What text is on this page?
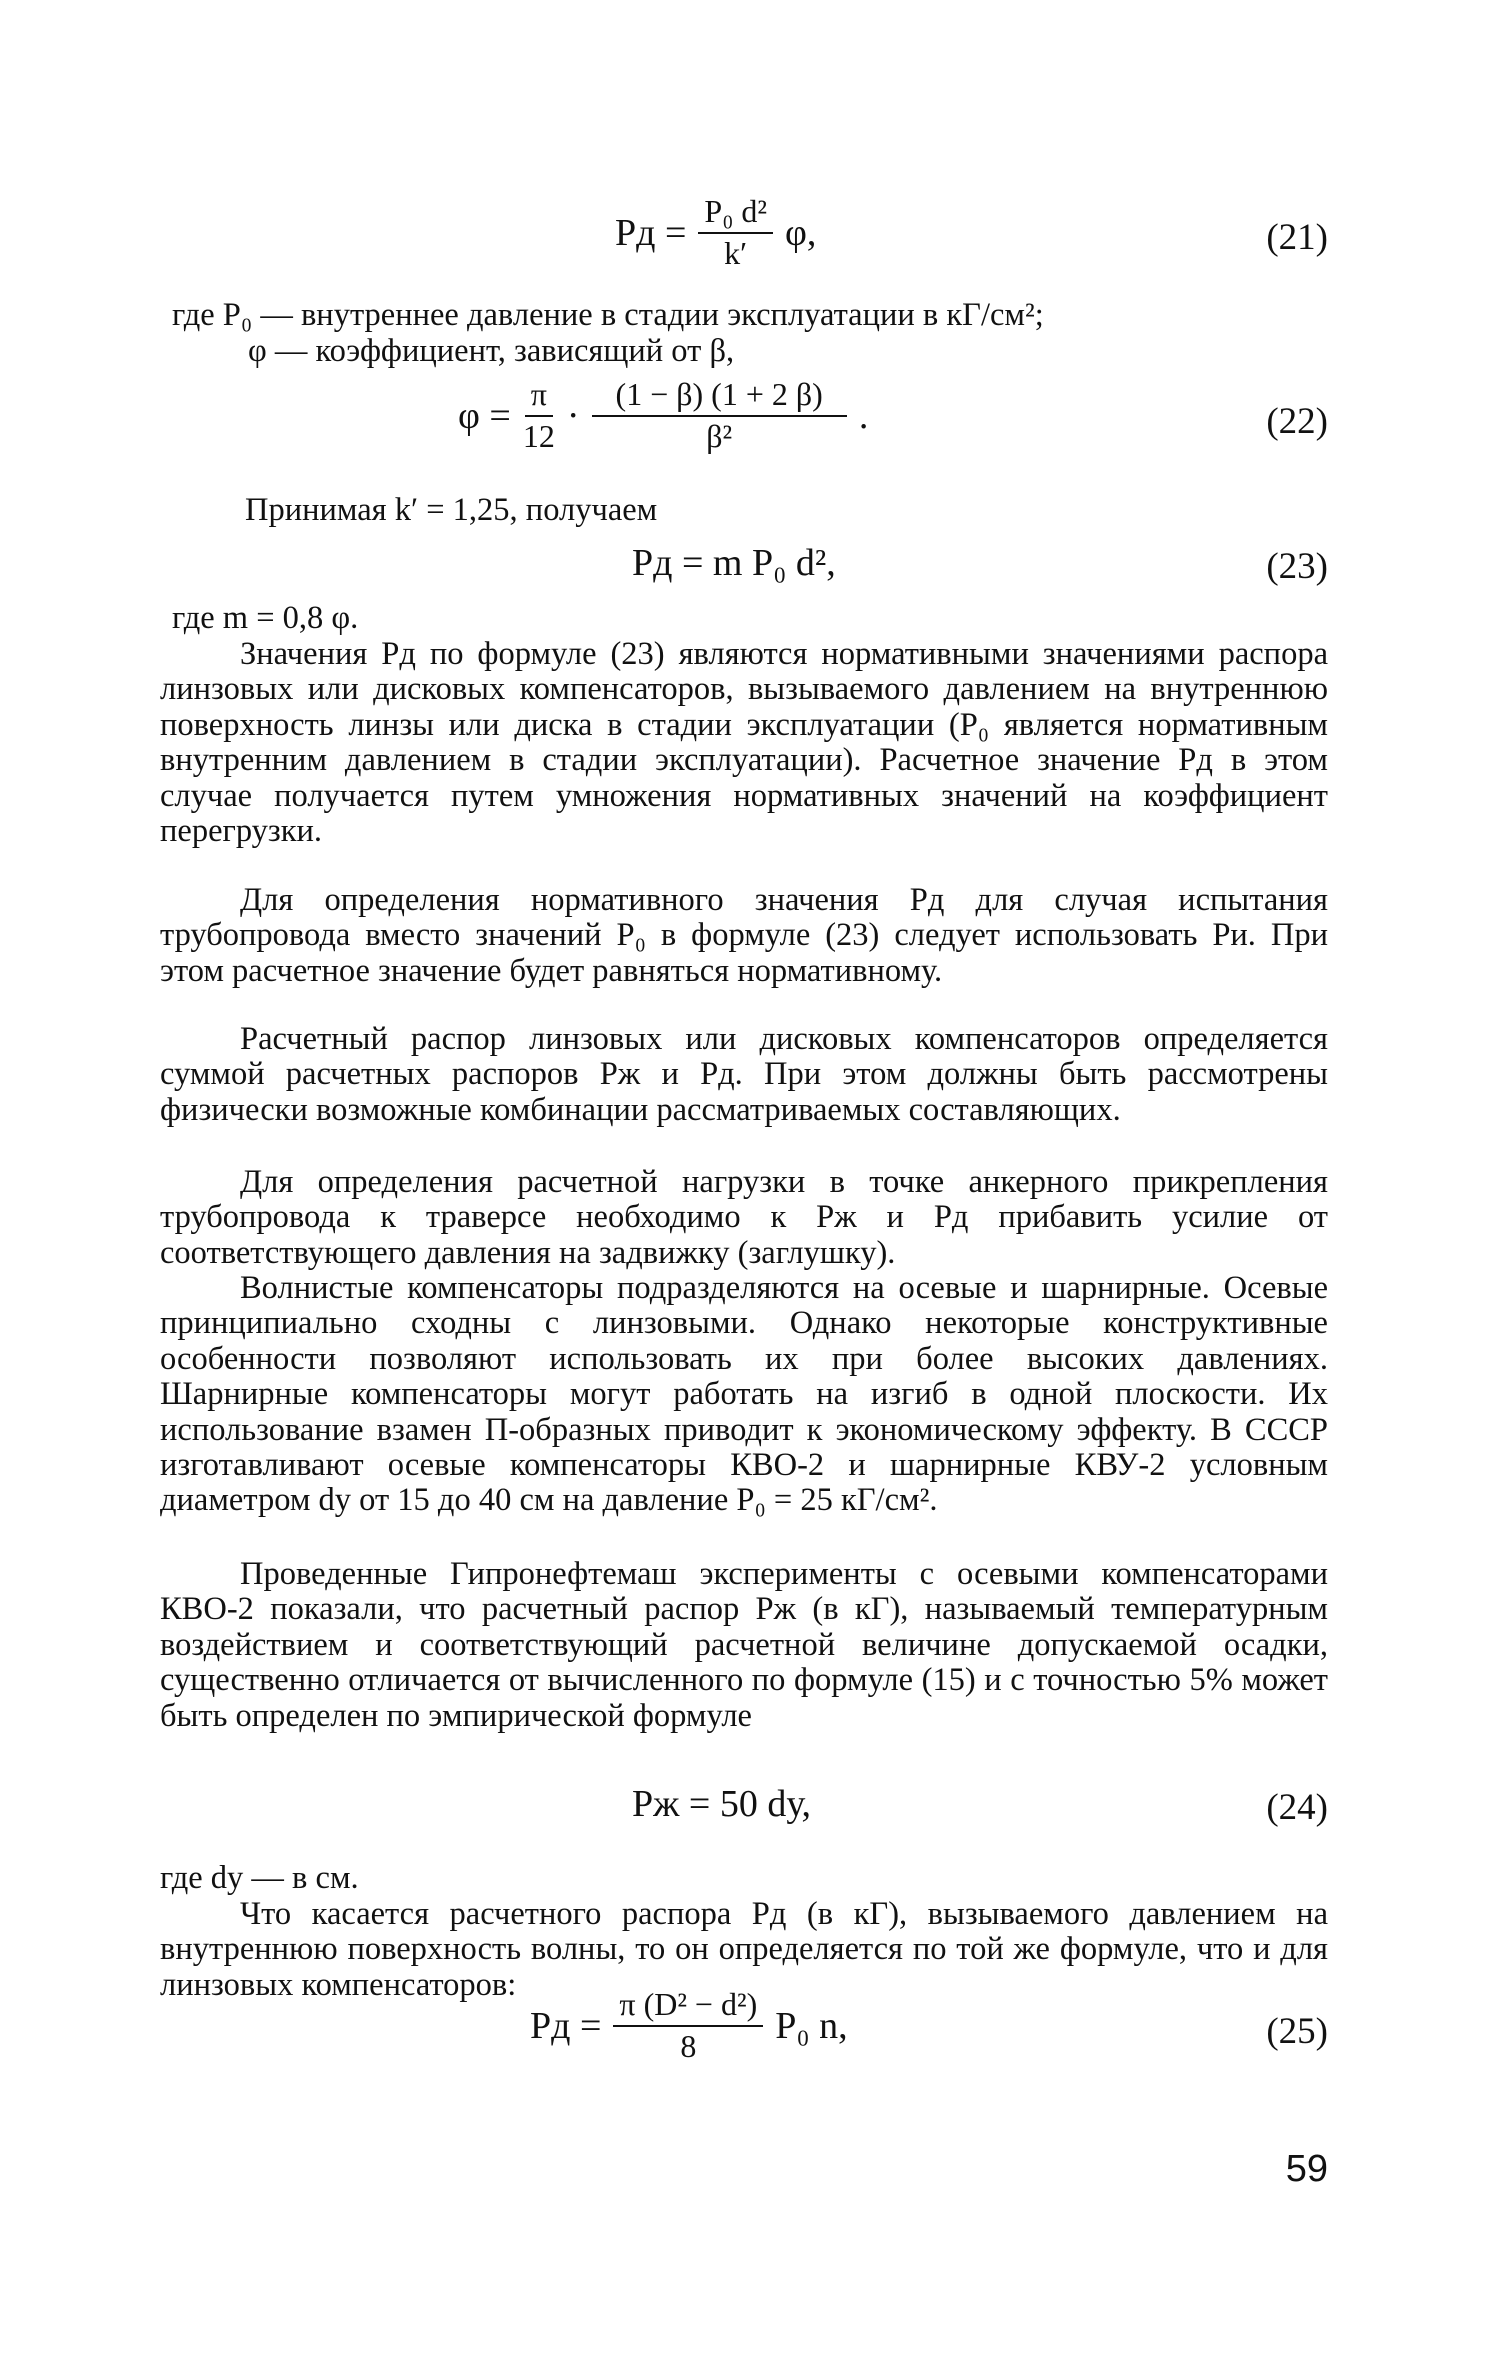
Pд = $\frac{\text{P₀ d²}}{k'} \varphi$,	(21)
где P₀ — внутреннее давление в стадии эксплуатации в кГ/см²;
φ — коэффициент, зависящий от β,
$\varphi = \frac{\pi}{12} \cdot \frac{(1 - \beta) (1 + 2 \beta)}{\text{β²}}$ .	(22)
Принимая k′ = 1,25, получаем
Pд = m P₀ d²,	(23)
где m = 0,8 φ.

Значения Pд по формуле (23) являются нормативными значениями распора линзовых или дисковых компенсаторов, вызываемого давлением на внутреннюю поверхность линзы или диска в стадии эксплуатации (P₀ является нормативным внутренним давлением в стадии эксплуатации). Расчетное значение Pд в этом случае получается путем умножения нормативных значений на коэффициент перегрузки.

Для определения нормативного значения Pд для случая испытания трубопровода вместо значений P₀ в формуле (23) следует использовать Pи. При этом расчетное значение будет равняться нормативному.

Расчетный распор линзовых или дисковых компенсаторов определяется суммой расчетных распоров Pж и Pд. При этом должны быть рассмотрены физически возможные комбинации рассматриваемых составляющих.

Для определения расчетной нагрузки в точке анкерного прикрепления трубопровода к траверсе необходимо к Pж и Pд прибавить усилие от соответствующего давления на задвижку (заглушку).

Волнистые компенсаторы подразделяются на осевые и шарнирные. Осевые принципиально сходны с линзовыми. Однако некоторые конструктивные особенности позволяют использовать их при более высоких давлениях. Шарнирные компенсаторы могут работать на изгиб в одной плоскости. Их использование взамен П-образных приводит к экономическому эффекту. В СССР изготавливают осевые компенсаторы КВО-2 и шарнирные КВУ-2 условным диаметром dу от 15 до 40 см на давление P₀ = 25 кГ/см².

Проведенные Гипронефтемаш эксперименты с осевыми компенсаторами КВО-2 показали, что расчетный распор Pж (в кГ), называемый температурным воздействием и соответствующий расчетной величине допускаемой осадки, существенно отличается от вычисленного по формуле (15) и с точностью 5% может быть определен по эмпирической формуле

Pж = 50 dу,	(24)
где dу — в см.

Что касается расчетного распора Pд (в кГ), вызываемого давлением на внутреннюю поверхность волны, то он определяется по той же формуле, что и для линзовых компенсаторов:

Pд = $\frac{\text{π (D² − d²)}}{8} P_0$ n,	(25)
59
